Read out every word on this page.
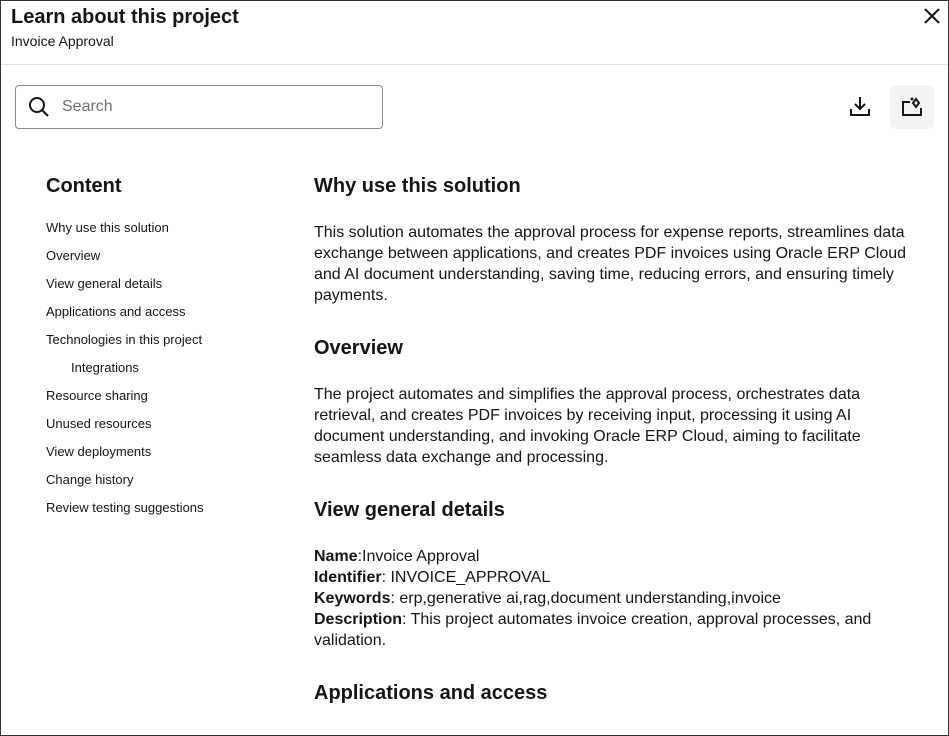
Learn about this project
Invoice Approval
Search
Content
Why use this solution
Overview
View general details
Applications and access
Technologies in this project
Integrations
Resource sharing
Unused resources
View deployments
Change history
Review testing suggestions
Why use this solution

This solution automates the approval process for expense reports, streamlines data exchange between applications, and creates PDF invoices using Oracle ERP Cloud and AI document understanding, saving time, reducing errors, and ensuring timely payments.

Overview

The project automates and simplifies the approval process, orchestrates data retrieval, and creates PDF invoices by receiving input, processing it using AI document understanding, and invoking Oracle ERP Cloud, aiming to facilitate seamless data exchange and processing.

View general details
Name:Invoice Approval
Identifier: INVOICE_APPROVAL
Keywords: erp,generative ai,rag,document understanding,invoice
Description: This project automates invoice creation, approval processes, and validation.
Applications and access
